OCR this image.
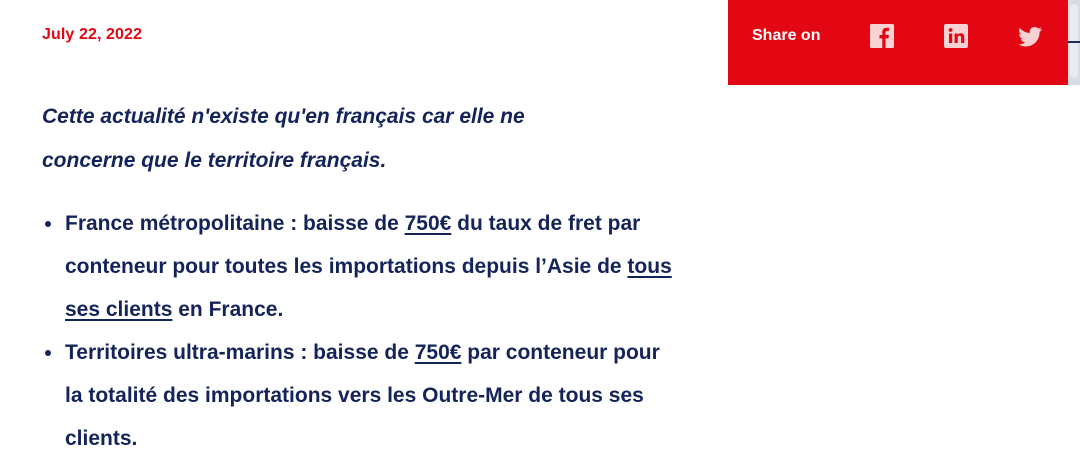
July 22, 2022	Share on
Cette actualité n'existe qu'en français car elle ne
concerne que le territoire français.
France métropolitaine : baisse de 750€ du taux de fret par conteneur pour toutes les importations depuis l’Asie de tous ses clients en France.
Territoires ultra-marins : baisse de 750€ par conteneur pour la totalité des importations vers les Outre-Mer de tous ses clients.
